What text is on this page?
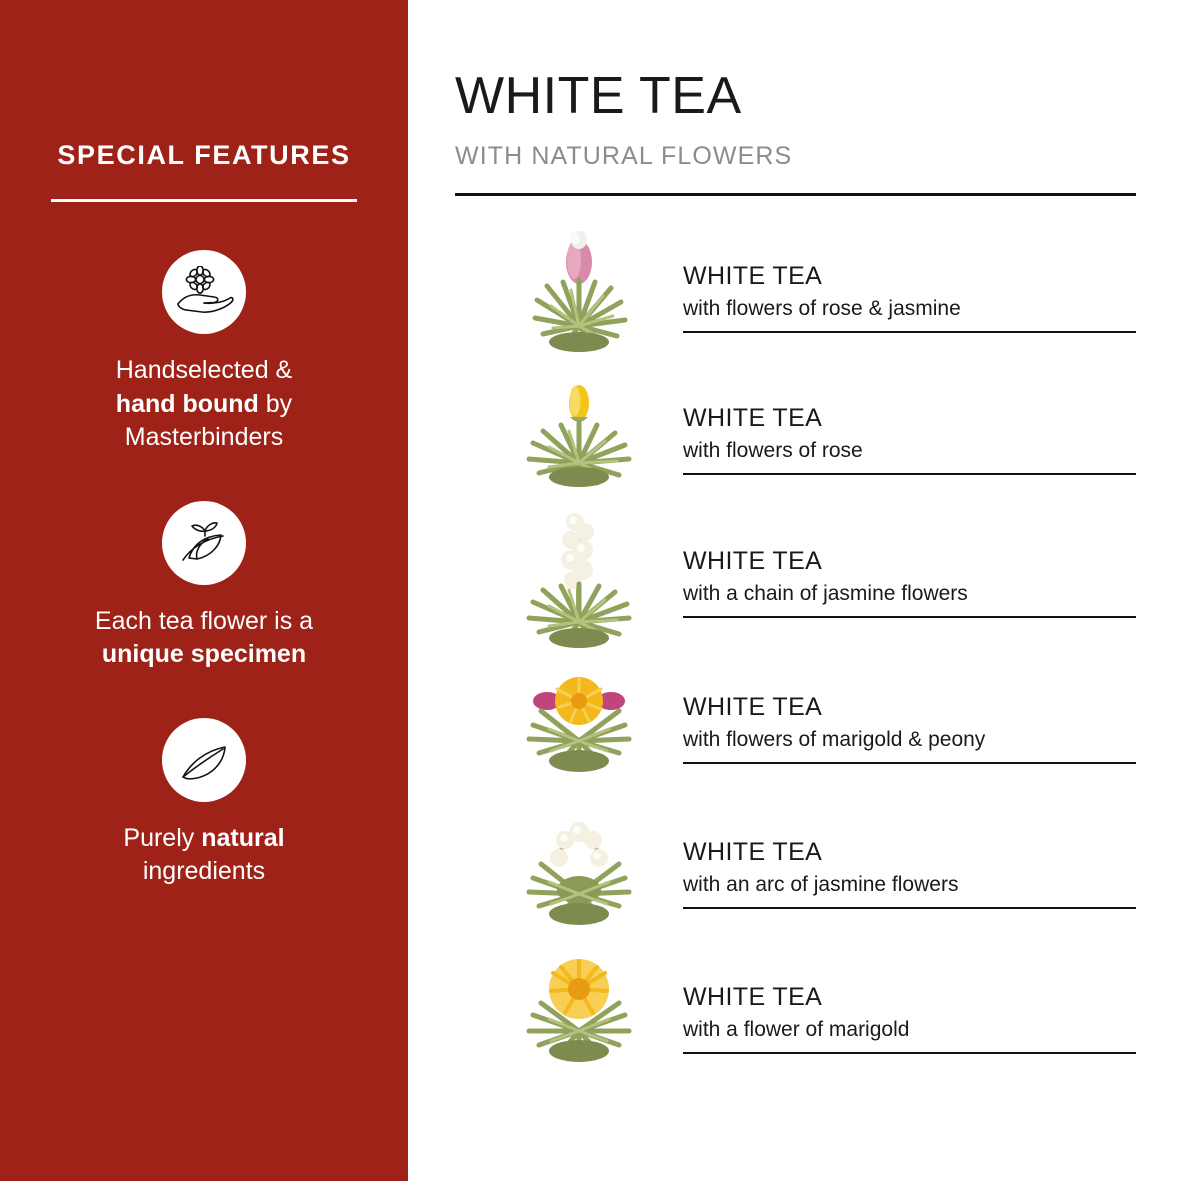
SPECIAL FEATURES
Handselected &
hand bound by
Masterbinders
Each tea flower is a
unique specimen
Purely natural
ingredients
WHITE TEA
WITH NATURAL FLOWERS
WHITE TEA
with flowers of rose & jasmine
WHITE TEA
with flowers of rose
WHITE TEA
with a chain of jasmine flowers
WHITE TEA
with flowers of marigold & peony
WHITE TEA
with an arc of jasmine flowers
WHITE TEA
with a flower of marigold
